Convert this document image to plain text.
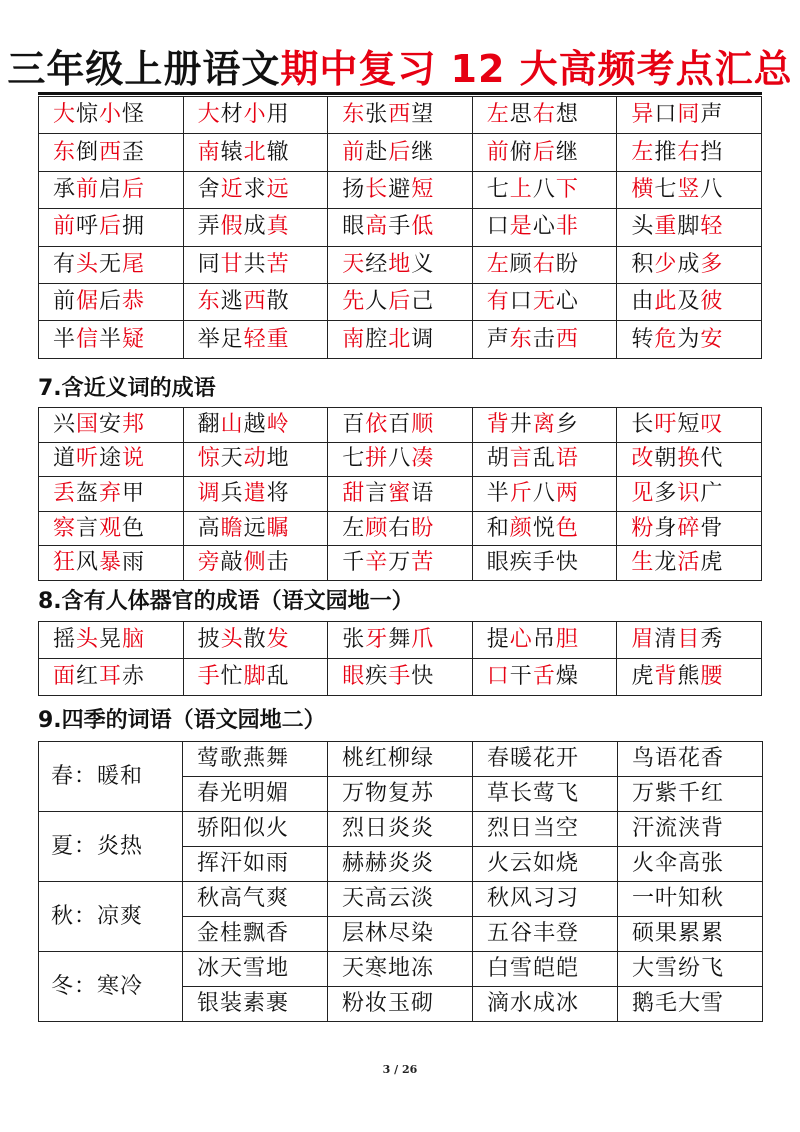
三年级上册语文期中复习 12 大高频考点汇总
大惊小怪	大材小用	东张西望	左思右想	异口同声
东倒西歪	南辕北辙	前赴后继	前俯后继	左推右挡
承前启后	舍近求远	扬长避短	七上八下	横七竖八
前呼后拥	弄假成真	眼高手低	口是心非	头重脚轻
有头无尾	同甘共苦	天经地义	左顾右盼	积少成多
前倨后恭	东逃西散	先人后己	有口无心	由此及彼
半信半疑	举足轻重	南腔北调	声东击西	转危为安
7.含近义词的成语
兴国安邦	翻山越岭	百依百顺	背井离乡	长吁短叹
道听途说	惊天动地	七拼八凑	胡言乱语	改朝换代
丢盔弃甲	调兵遣将	甜言蜜语	半斤八两	见多识广
察言观色	高瞻远瞩	左顾右盼	和颜悦色	粉身碎骨
狂风暴雨	旁敲侧击	千辛万苦	眼疾手快	生龙活虎
8.含有人体器官的成语（语文园地一）
摇头晃脑	披头散发	张牙舞爪	提心吊胆	眉清目秀
面红耳赤	手忙脚乱	眼疾手快	口干舌燥	虎背熊腰
9.四季的词语（语文园地二）
春：暖和	莺歌燕舞	桃红柳绿	春暖花开	鸟语花香
	春光明媚	万物复苏	草长莺飞	万紫千红
夏：炎热	骄阳似火	烈日炎炎	烈日当空	汗流浃背
	挥汗如雨	赫赫炎炎	火云如烧	火伞高张
秋：凉爽	秋高气爽	天高云淡	秋风习习	一叶知秋
	金桂飘香	层林尽染	五谷丰登	硕果累累
冬：寒冷	冰天雪地	天寒地冻	白雪皑皑	大雪纷飞
	银装素裹	粉妆玉砌	滴水成冰	鹅毛大雪
3 / 26
